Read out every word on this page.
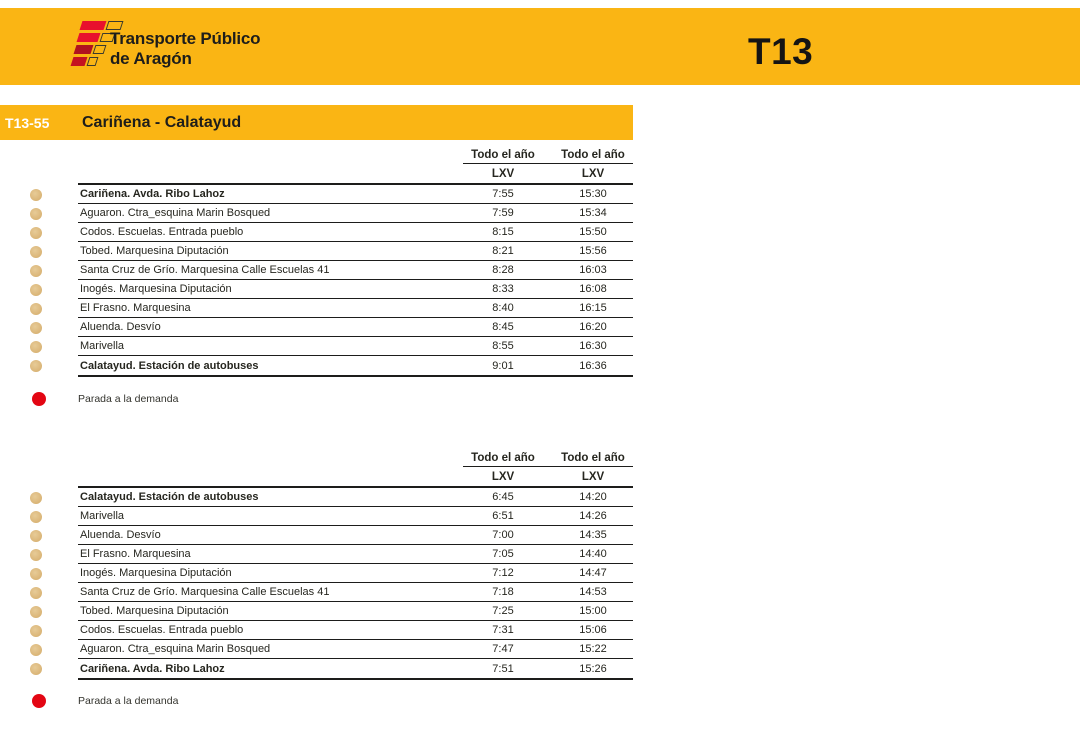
Transporte Público
de Aragón	T13
T13-55	Cariñena - Calatayud
Todo el año	Todo el año
LXV	LXV
Cariñena. Avda. Ribo Lahoz	7:55	15:30
Aguaron. Ctra_esquina Marin Bosqued	7:59	15:34
Codos. Escuelas. Entrada pueblo	8:15	15:50
Tobed. Marquesina Diputación	8:21	15:56
Santa Cruz de Grío. Marquesina Calle Escuelas 41	8:28	16:03
Inogés. Marquesina Diputación	8:33	16:08
El Frasno. Marquesina	8:40	16:15
Aluenda. Desvío	8:45	16:20
Marivella	8:55	16:30
Calatayud. Estación de autobuses	9:01	16:36
Parada a la demanda
Todo el año	Todo el año
LXV	LXV
Calatayud. Estación de autobuses	6:45	14:20
Marivella	6:51	14:26
Aluenda. Desvío	7:00	14:35
El Frasno. Marquesina	7:05	14:40
Inogés. Marquesina Diputación	7:12	14:47
Santa Cruz de Grío. Marquesina Calle Escuelas 41	7:18	14:53
Tobed. Marquesina Diputación	7:25	15:00
Codos. Escuelas. Entrada pueblo	7:31	15:06
Aguaron. Ctra_esquina Marin Bosqued	7:47	15:22
Cariñena. Avda. Ribo Lahoz	7:51	15:26
Parada a la demanda
